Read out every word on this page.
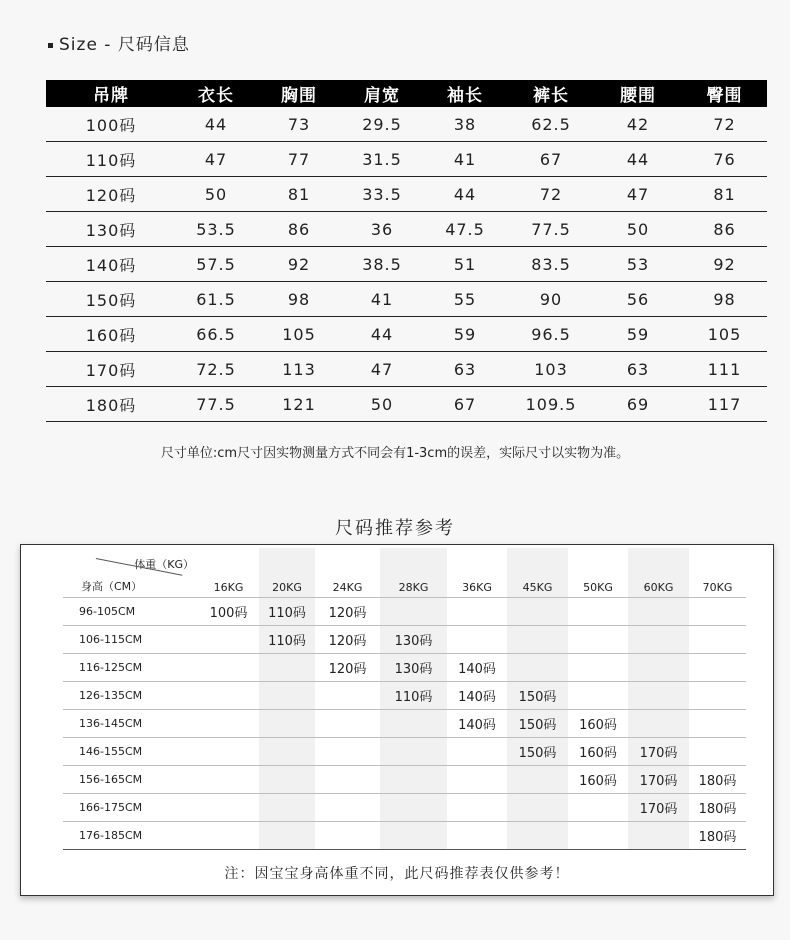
Size - 尺码信息
吊牌	衣长	胸围	肩宽	袖长	裤长	腰围	臀围
100码	44	73	29.5	38	62.5	42	72
110码	47	77	31.5	41	67	44	76
120码	50	81	33.5	44	72	47	81
130码	53.5	86	36	47.5	77.5	50	86
140码	57.5	92	38.5	51	83.5	53	92
150码	61.5	98	41	55	90	56	98
160码	66.5	105	44	59	96.5	59	105
170码	72.5	113	47	63	103	63	111
180码	77.5	121	50	67	109.5	69	117
尺寸单位:cm尺寸因实物测量方式不同会有1-3cm的误差，实际尺寸以实物为准。
尺码推荐参考
体重（KG）
身高（CM）	16KG	20KG	24KG	28KG	36KG	45KG	50KG	60KG	70KG
96-105CM	100码	110码	120码						
106-115CM		110码	120码	130码					
116-125CM			120码	130码	140码				
126-135CM				110码	140码	150码			
136-145CM					140码	150码	160码		
146-155CM						150码	160码	170码	
156-165CM							160码	170码	180码
166-175CM								170码	180码
176-185CM									180码
注：因宝宝身高体重不同，此尺码推荐表仅供参考！
